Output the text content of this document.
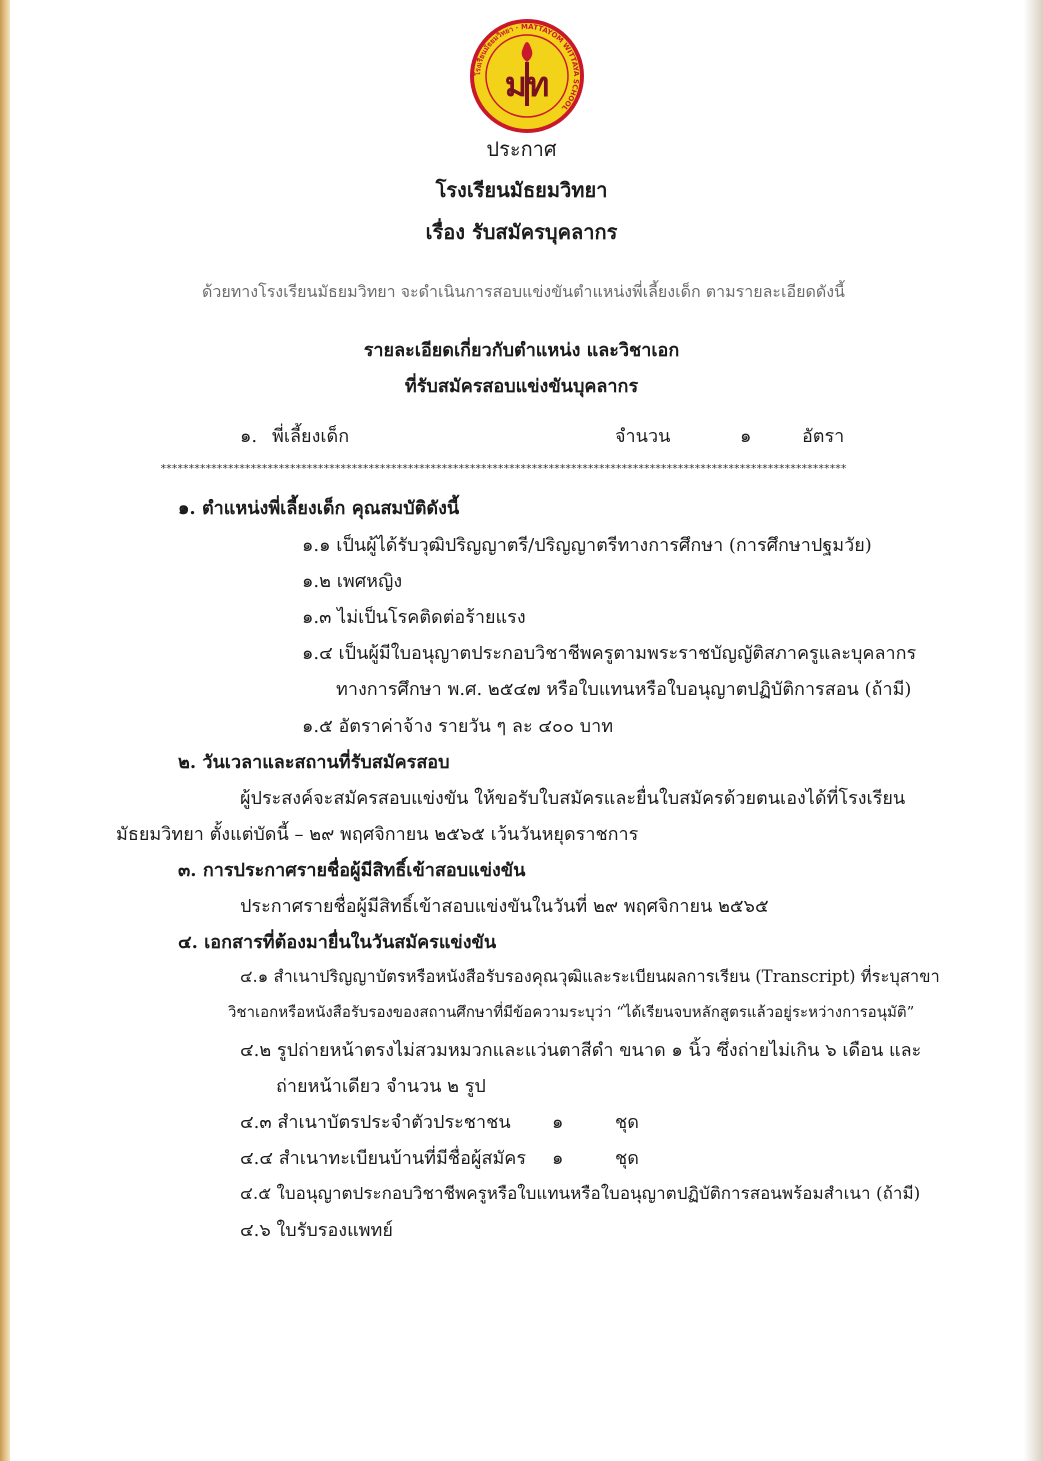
โรงเรียนมัธยมวิทยา · MATTAYOM WITTAYA SCHOOL
มท
ประกาศ
โรงเรียนมัธยมวิทยา
เรื่อง รับสมัครบุคลากร
ด้วยทางโรงเรียนมัธยมวิทยา จะดำเนินการสอบแข่งขันตำแหน่งพี่เลี้ยงเด็ก ตามรายละเอียดดังนี้
รายละเอียดเกี่ยวกับตำแหน่ง และวิชาเอก
ที่รับสมัครสอบแข่งขันบุคลากร
๑. พี่เลี้ยงเด็ก	จำนวน	๑	อัตรา
**************************************************************************************************************************
๑. ตำแหน่งพี่เลี้ยงเด็ก คุณสมบัติดังนี้
๑.๑ เป็นผู้ได้รับวุฒิปริญญาตรี/ปริญญาตรีทางการศึกษา (การศึกษาปฐมวัย)
๑.๒ เพศหญิง
๑.๓ ไม่เป็นโรคติดต่อร้ายแรง
๑.๔ เป็นผู้มีใบอนุญาตประกอบวิชาชีพครูตามพระราชบัญญัติสภาครูและบุคลากร
ทางการศึกษา พ.ศ. ๒๕๔๗ หรือใบแทนหรือใบอนุญาตปฏิบัติการสอน (ถ้ามี)
๑.๕ อัตราค่าจ้าง รายวัน ๆ ละ ๔๐๐ บาท
๒. วันเวลาและสถานที่รับสมัครสอบ
ผู้ประสงค์จะสมัครสอบแข่งขัน ให้ขอรับใบสมัครและยื่นใบสมัครด้วยตนเองได้ที่โรงเรียน
มัธยมวิทยา ตั้งแต่บัดนี้ – ๒๙ พฤศจิกายน ๒๕๖๕ เว้นวันหยุดราชการ
๓. การประกาศรายชื่อผู้มีสิทธิ์เข้าสอบแข่งขัน
ประกาศรายชื่อผู้มีสิทธิ์เข้าสอบแข่งขันในวันที่ ๒๙ พฤศจิกายน ๒๕๖๕
๔. เอกสารที่ต้องมายื่นในวันสมัครแข่งขัน
๔.๑ สำเนาปริญญาบัตรหรือหนังสือรับรองคุณวุฒิและระเบียนผลการเรียน (Transcript) ที่ระบุสาขา
วิชาเอกหรือหนังสือรับรองของสถานศึกษาที่มีข้อความระบุว่า “ได้เรียนจบหลักสูตรแล้วอยู่ระหว่างการอนุมัติ”
๔.๒ รูปถ่ายหน้าตรงไม่สวมหมวกและแว่นตาสีดำ ขนาด ๑ นิ้ว ซึ่งถ่ายไม่เกิน ๖ เดือน และ
ถ่ายหน้าเดียว จำนวน ๒ รูป
๔.๓ สำเนาบัตรประจำตัวประชาชน ๑	ชุด
๔.๔ สำเนาทะเบียนบ้านที่มีชื่อผู้สมัคร ๑	ชุด
๔.๕ ใบอนุญาตประกอบวิชาชีพครูหรือใบแทนหรือใบอนุญาตปฏิบัติการสอนพร้อมสำเนา (ถ้ามี)
๔.๖ ใบรับรองแพทย์
